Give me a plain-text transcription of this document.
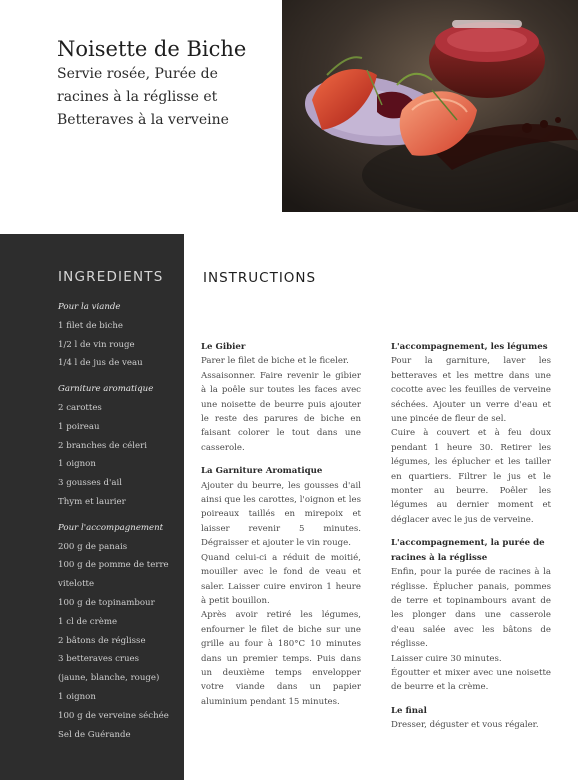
Noisette de Biche

Servie rosée, Purée de racines à la réglisse et Betteraves à la verveine

INGREDIENTS
Pour la viande
1 filet de biche
1/2 l de vin rouge
1/4 l de jus de veau
Garniture aromatique
2 carottes
1 poireau
2 branches de céleri
1 oignon
3 gousses d'ail
Thym et laurier
Pour l'accompagnement
200 g de panais
100 g de pomme de terre vitelotte
100 g de topinambour
1 cl de crème
2 bâtons de réglisse
3 betteraves crues
(jaune, blanche, rouge)
1 oignon
100 g de verveine séchée
Sel de Guérande
INSTRUCTIONS
Le Gibier

Parer le filet de biche et le ficeler.
Assaisonner. Faire revenir le gibier à la poêle sur toutes les faces avec une noisette de beurre puis ajouter le reste des parures de biche en faisant colorer le tout dans une casserole.

La Garniture Aromatique

Ajouter du beurre, les gousses d'ail ainsi que les carottes, l'oignon et les poireaux taillés en mirepoix et laisser revenir 5 minutes. Dégraisser et ajouter le vin rouge.
Quand celui-ci a réduit de moitié, mouiller avec le fond de veau et saler. Laisser cuire environ 1 heure à petit bouillon.
Après avoir retiré les légumes, enfourner le filet de biche sur une grille au four à 180°C 10 minutes dans un premier temps. Puis dans un deuxième temps envelopper votre viande dans un papier aluminium pendant 15 minutes.

L'accompagnement, les légumes

Pour la garniture, laver les betteraves et les mettre dans une cocotte avec les feuilles de verveine séchées. Ajouter un verre d'eau et une pincée de fleur de sel.
Cuire à couvert et à feu doux pendant 1 heure 30. Retirer les légumes, les éplucher et les tailler en quartiers. Filtrer le jus et le monter au beurre. Poêler les légumes au dernier moment et déglacer avec le jus de verveine.

L'accompagnement, la purée de racines à la réglisse

Enfin, pour la purée de racines à la réglisse. Éplucher panais, pommes de terre et topinambours avant de les plonger dans une casserole d'eau salée avec les bâtons de réglisse.
Laisser cuire 30 minutes.
Égoutter et mixer avec une noisette de beurre et la crème.

Le final

Dresser, déguster et vous régaler.
